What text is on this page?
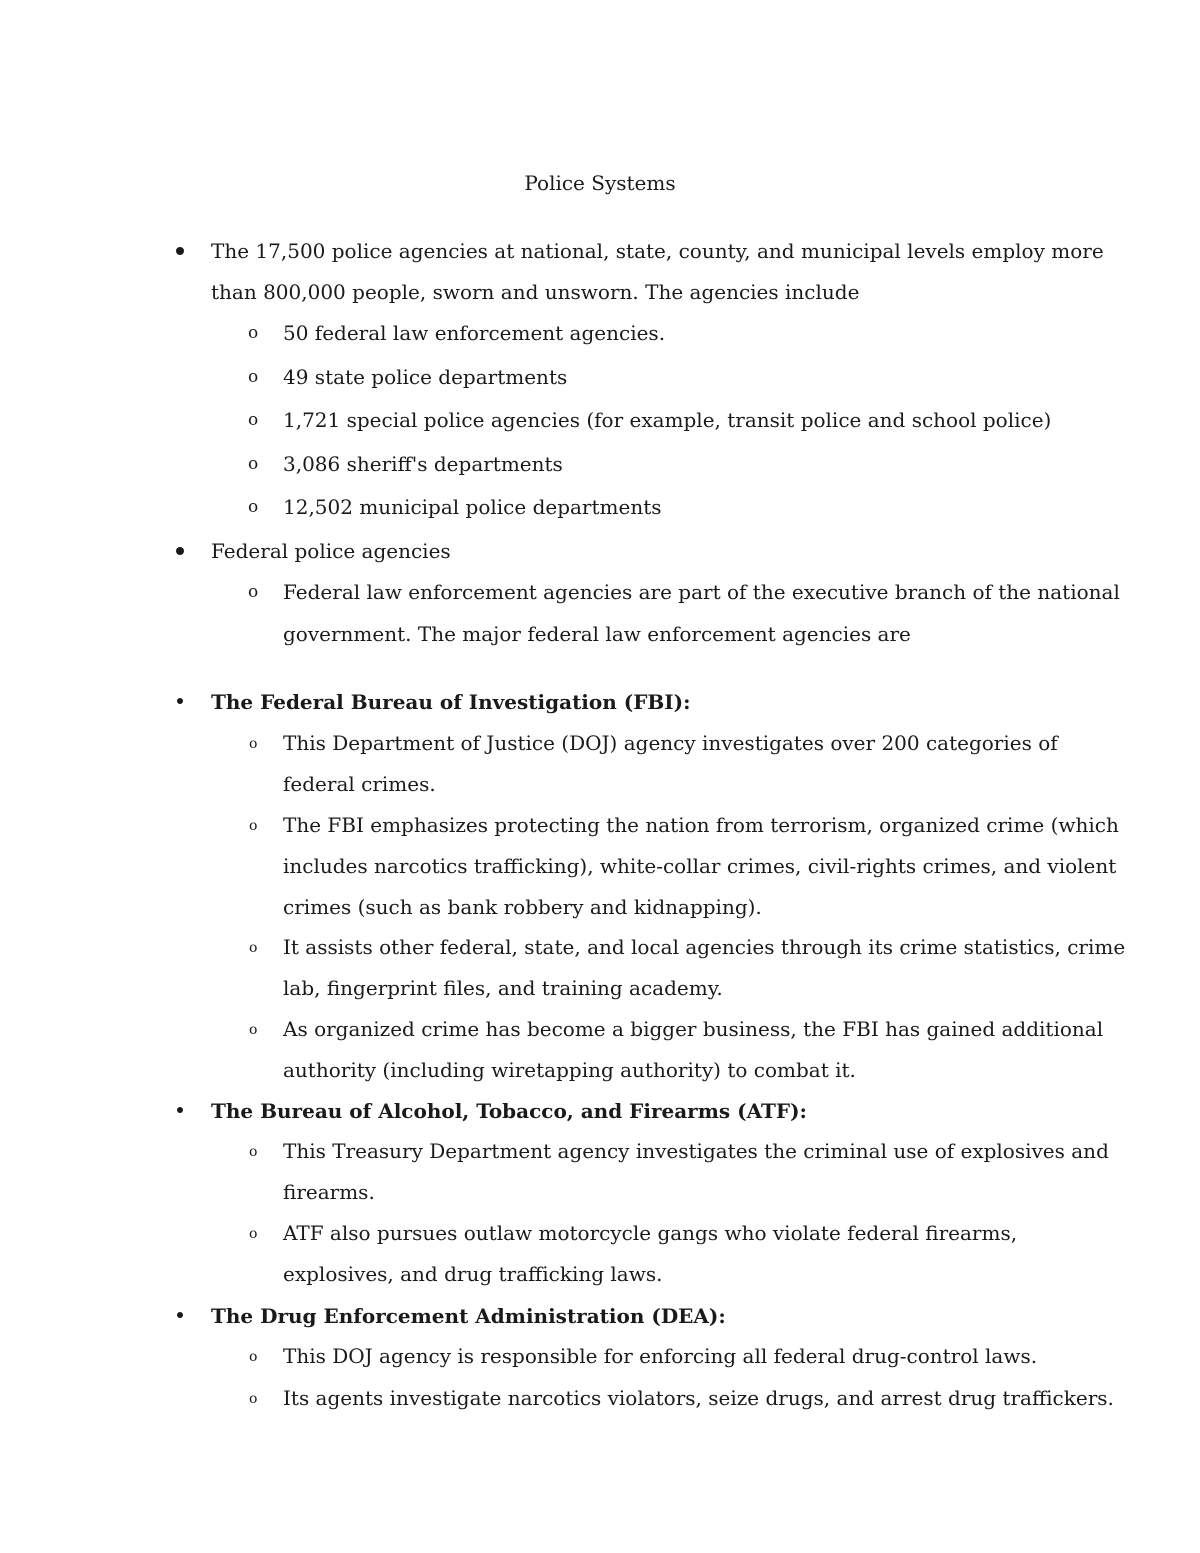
Police Systems
The 17,500 police agencies at national, state, county, and municipal levels employ more
than 800,000 people, sworn and unsworn. The agencies include
o 50 federal law enforcement agencies.
o 49 state police departments
o 1,721 special police agencies (for example, transit police and school police)
o 3,086 sheriff's departments
o 12,502 municipal police departments
Federal police agencies
o Federal law enforcement agencies are part of the executive branch of the national
government. The major federal law enforcement agencies are
The Federal Bureau of Investigation (FBI):
o This Department of Justice (DOJ) agency investigates over 200 categories of
federal crimes.
o The FBI emphasizes protecting the nation from terrorism, organized crime (which
includes narcotics trafficking), white-collar crimes, civil-rights crimes, and violent
crimes (such as bank robbery and kidnapping).
o It assists other federal, state, and local agencies through its crime statistics, crime
lab, fingerprint files, and training academy.
o As organized crime has become a bigger business, the FBI has gained additional
authority (including wiretapping authority) to combat it.
The Bureau of Alcohol, Tobacco, and Firearms (ATF):
o This Treasury Department agency investigates the criminal use of explosives and
firearms.
o ATF also pursues outlaw motorcycle gangs who violate federal firearms,
explosives, and drug trafficking laws.
The Drug Enforcement Administration (DEA):
o This DOJ agency is responsible for enforcing all federal drug-control laws.
o Its agents investigate narcotics violators, seize drugs, and arrest drug traffickers.
